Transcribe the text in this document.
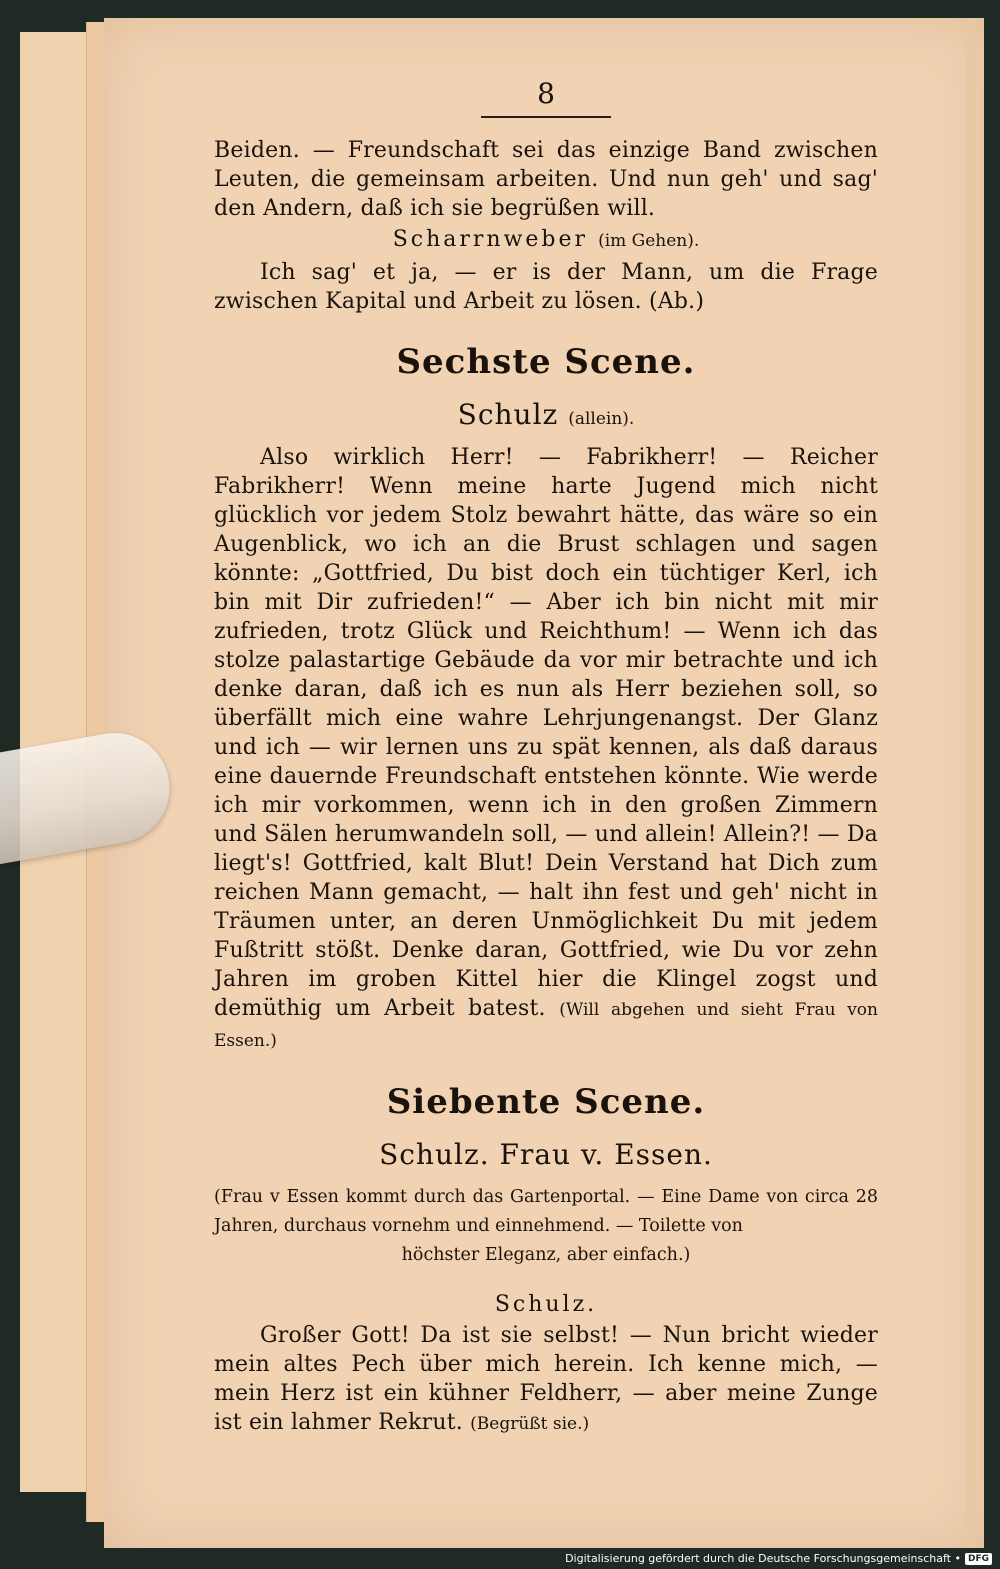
8

Beiden. — Freundschaft sei das einzige Band zwischen Leuten, die gemeinsam arbeiten. Und nun geh' und sag' den Andern, daß ich sie begrüßen will.

Scharrnweber (im Gehen).

Ich sag' et ja, — er is der Mann, um die Frage zwischen Kapital und Arbeit zu lösen. (Ab.)

Sechste Scene.
Schulz (allein).

Also wirklich Herr! — Fabrikherr! — Reicher Fabrikherr! Wenn meine harte Jugend mich nicht glücklich vor jedem Stolz bewahrt hätte, das wäre so ein Augenblick, wo ich an die Brust schlagen und sagen könnte: „Gottfried, Du bist doch ein tüchtiger Kerl, ich bin mit Dir zufrieden!“ — Aber ich bin nicht mit mir zufrieden, trotz Glück und Reichthum! — Wenn ich das stolze palastartige Gebäude da vor mir betrachte und ich denke daran, daß ich es nun als Herr beziehen soll, so überfällt mich eine wahre Lehrjungenangst. Der Glanz und ich — wir lernen uns zu spät kennen, als daß daraus eine dauernde Freundschaft entstehen könnte. Wie werde ich mir vorkommen, wenn ich in den großen Zimmern und Sälen herumwandeln soll, — und allein! Allein?! — Da liegt's! Gottfried, kalt Blut! Dein Verstand hat Dich zum reichen Mann gemacht, — halt ihn fest und geh' nicht in Träumen unter, an deren Unmöglichkeit Du mit jedem Fußtritt stößt. Denke daran, Gottfried, wie Du vor zehn Jahren im groben Kittel hier die Klingel zogst und demüthig um Arbeit batest. (Will abgehen und sieht Frau von Essen.)

Siebente Scene.
Schulz. Frau v. Essen.

(Frau v Essen kommt durch das Gartenportal. — Eine Dame von circa 28 Jahren, durchaus vornehm und einnehmend. — Toilette von

höchster Eleganz, aber einfach.)

Schulz.

Großer Gott! Da ist sie selbst! — Nun bricht wieder mein altes Pech über mich herein. Ich kenne mich, — mein Herz ist ein kühner Feldherr, — aber meine Zunge ist ein lahmer Rekrut. (Begrüßt sie.)

Digitalisierung gefördert durch die Deutsche Forschungsgemeinschaft • DFG
